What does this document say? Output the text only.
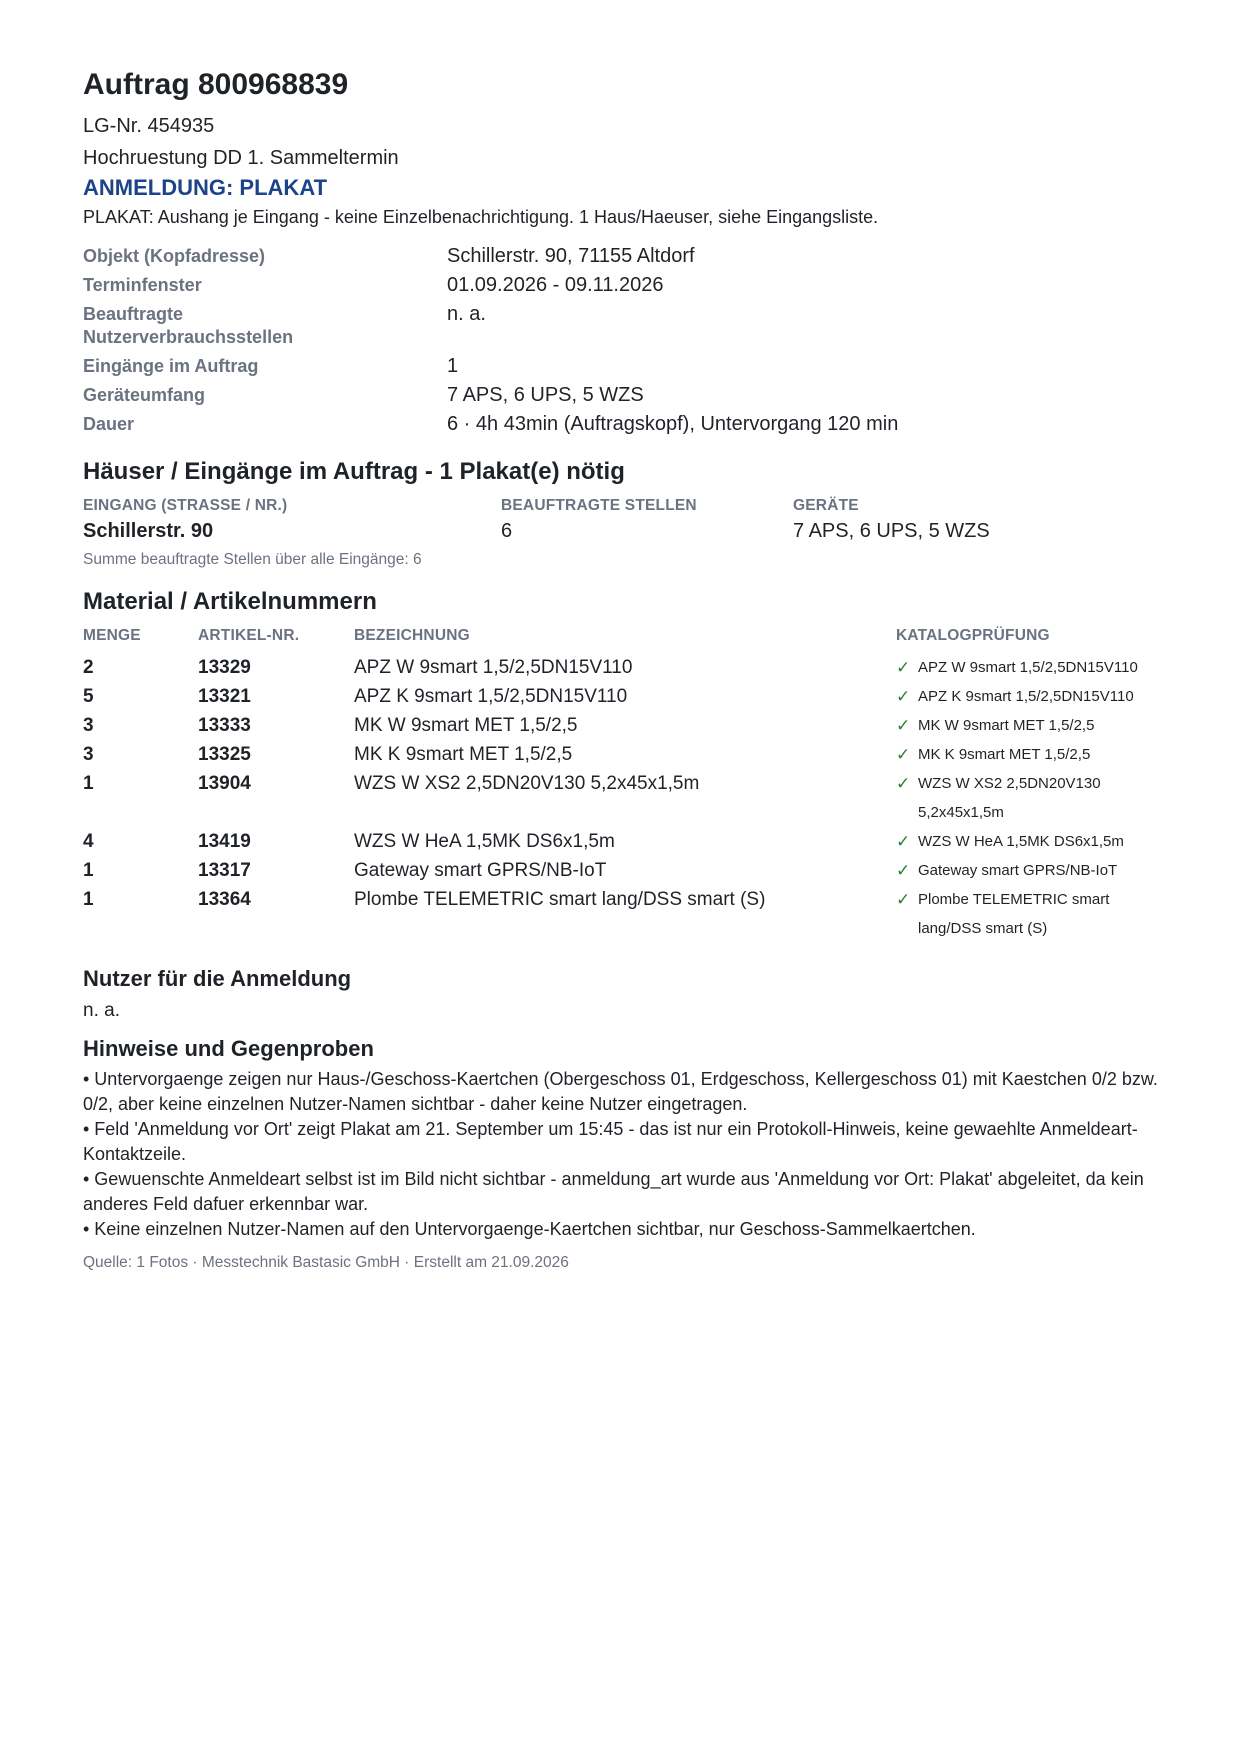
Auftrag 800968839
LG-Nr. 454935
Hochruestung DD 1. Sammeltermin
ANMELDUNG: PLAKAT
PLAKAT: Aushang je Eingang - keine Einzelbenachrichtigung. 1 Haus/Haeuser, siehe Eingangsliste.
Objekt (Kopfadresse)	Schillerstr. 90, 71155 Altdorf
Terminfenster	01.09.2026 - 09.11.2026
Beauftragte Nutzerverbrauchsstellen
n. a.
Eingänge im Auftrag	1
Geräteumfang	7 APS, 6 UPS, 5 WZS
Dauer	6 · 4h 43min (Auftragskopf), Untervorgang 120 min
Häuser / Eingänge im Auftrag - 1 Plakat(e) nötig
EINGANG (STRASSE / NR.)	BEAUFTRAGTE STELLEN	GERÄTE
Schillerstr. 90	6	7 APS, 6 UPS, 5 WZS
Summe beauftragte Stellen über alle Eingänge: 6
Material / Artikelnummern
MENGE	ARTIKEL-NR.	BEZEICHNUNG	KATALOGPRÜFUNG
2	13329	APZ W 9smart 1,5/2,5DN15V110	✓ APZ W 9smart 1,5/2,5DN15V110
5	13321	APZ K 9smart 1,5/2,5DN15V110	✓ APZ K 9smart 1,5/2,5DN15V110
3	13333	MK W 9smart MET 1,5/2,5	✓ MK W 9smart MET 1,5/2,5
3	13325	MK K 9smart MET 1,5/2,5	✓ MK K 9smart MET 1,5/2,5
1	13904	WZS W XS2 2,5DN20V130 5,2x45x1,5m	✓ WZS W XS2 2,5DN20V130 5,2x45x1,5m
4	13419	WZS W HeA 1,5MK DS6x1,5m	✓ WZS W HeA 1,5MK DS6x1,5m
1	13317	Gateway smart GPRS/NB-IoT	✓ Gateway smart GPRS/NB-IoT
1	13364	Plombe TELEMETRIC smart lang/DSS smart (S)	✓ Plombe TELEMETRIC smart lang/DSS smart (S)
Nutzer für die Anmeldung
n. a.
Hinweise und Gegenproben
• Untervorgaenge zeigen nur Haus-/Geschoss-Kaertchen (Obergeschoss 01, Erdgeschoss, Kellergeschoss 01) mit Kaestchen 0/2 bzw. 0/2, aber keine einzelnen Nutzer-Namen sichtbar - daher keine Nutzer eingetragen.
• Feld 'Anmeldung vor Ort' zeigt Plakat am 21. September um 15:45 - das ist nur ein Protokoll-Hinweis, keine gewaehlte Anmeldeart-Kontaktzeile.
• Gewuenschte Anmeldeart selbst ist im Bild nicht sichtbar - anmeldung_art wurde aus 'Anmeldung vor Ort: Plakat' abgeleitet, da kein anderes Feld dafuer erkennbar war.
• Keine einzelnen Nutzer-Namen auf den Untervorgaenge-Kaertchen sichtbar, nur Geschoss-Sammelkaertchen.
Quelle: 1 Fotos · Messtechnik Bastasic GmbH · Erstellt am 21.09.2026
